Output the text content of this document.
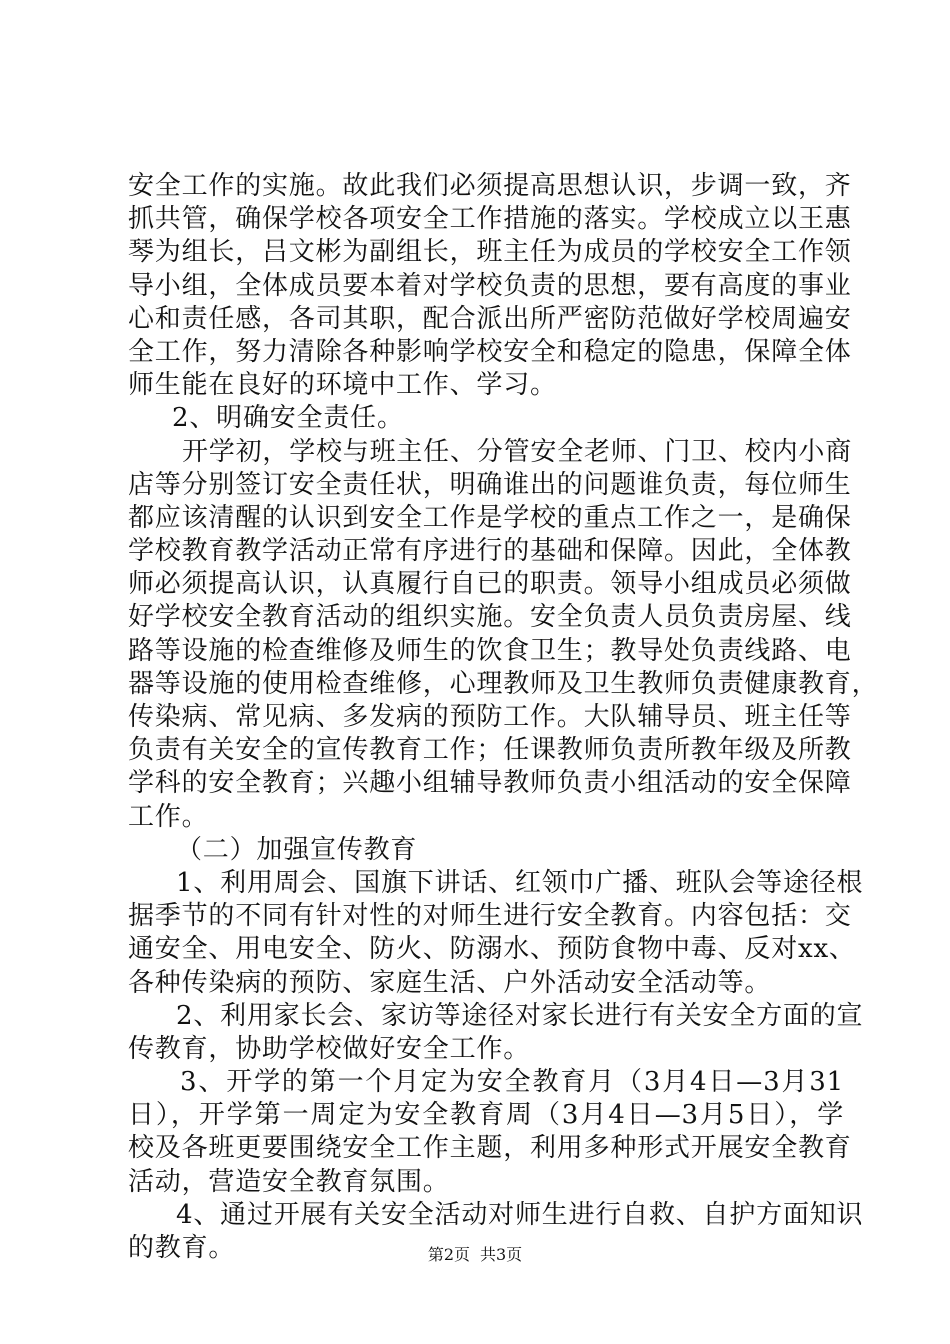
安全工作的实施。故此我们必须提高思想认识，步调一致，齐
抓共管，确保学校各项安全工作措施的落实。学校成立以王惠
琴为组长，吕文彬为副组长，班主任为成员的学校安全工作领
导小组，全体成员要本着对学校负责的思想，要有高度的事业
心和责任感，各司其职，配合派出所严密防范做好学校周遍安
全工作，努力清除各种影响学校安全和稳定的隐患，保障全体
师生能在良好的环境中工作、学习。
2、明确安全责任。
开学初，学校与班主任、分管安全老师、门卫、校内小商
店等分别签订安全责任状，明确谁出的问题谁负责，每位师生
都应该清醒的认识到安全工作是学校的重点工作之一，是确保
学校教育教学活动正常有序进行的基础和保障。因此，全体教
师必须提高认识，认真履行自已的职责。领导小组成员必须做
好学校安全教育活动的组织实施。安全负责人员负责房屋、线
路等设施的检查维修及师生的饮食卫生；教导处负责线路、电
器等设施的使用检查维修，心理教师及卫生教师负责健康教育，
传染病、常见病、多发病的预防工作。大队辅导员、班主任等
负责有关安全的宣传教育工作；任课教师负责所教年级及所教
学科的安全教育；兴趣小组辅导教师负责小组活动的安全保障
工作。
（二）加强宣传教育
1、利用周会、国旗下讲话、红领巾广播、班队会等途径根
据季节的不同有针对性的对师生进行安全教育。内容包括：交
通安全、用电安全、防火、防溺水、预防食物中毒、反对xx、
各种传染病的预防、家庭生活、户外活动安全活动等。
2、利用家长会、家访等途径对家长进行有关安全方面的宣
传教育，协助学校做好安全工作。
3、开学的第一个月定为安全教育月（3月4日—3月31
日），开学第一周定为安全教育周（3月4日—3月5日），学
校及各班更要围绕安全工作主题，利用多种形式开展安全教育
活动，营造安全教育氛围。
4、通过开展有关安全活动对师生进行自救、自护方面知识
的教育。	第2页 共3页
